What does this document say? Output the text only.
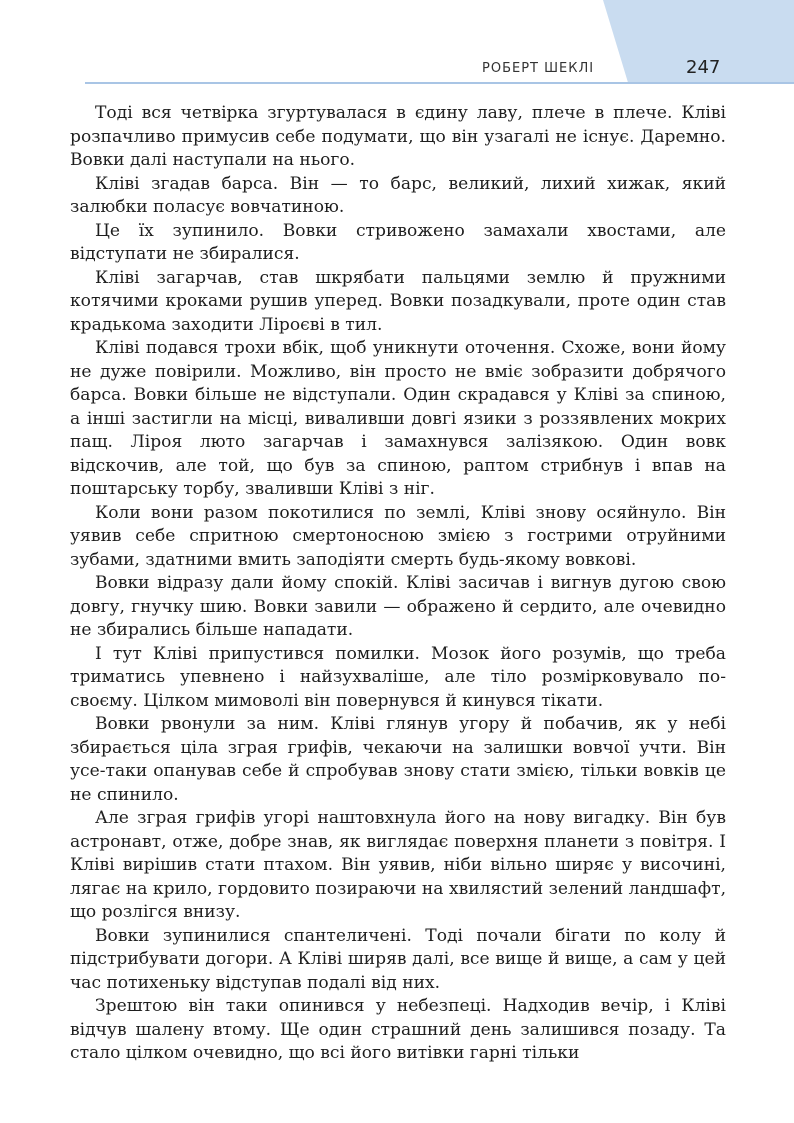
РОБЕРТ ШЕКЛІ	247

Тоді вся четвірка згуртувалася в єдину лаву, плече в плече. Кліві розпачливо примусив себе подумати, що він узагалі не існує. Даремно. Вовки далі наступали на нього.

Кліві згадав барса. Він — то барс, великий, лихий хижак, який залюбки поласує вовчатиною.

Це їх зупинило. Вовки стривожено замахали хвостами, але відступати не збиралися.

Кліві загарчав, став шкрябати пальцями землю й пружними котячими кроками рушив уперед. Вовки позадкували, проте один став крадькома заходити Ліроєві в тил.

Кліві подався трохи вбік, щоб уникнути оточення. Схоже, вони йому не дуже повірили. Можливо, він просто не вміє зобразити добрячого барса. Вовки більше не відступали. Один скрадався у Кліві за спиною, а інші застигли на місці, виваливши довгі язики з роззявлених мокрих пащ. Ліроя люто загарчав і замахнувся залізякою. Один вовк відскочив, але той, що був за спиною, раптом стрибнув і впав на поштарську торбу, зваливши Кліві з ніг.

Коли вони разом покотилися по землі, Кліві знову осяйнуло. Він уявив себе спритною смертоносною змією з гострими отруйними зубами, здатними вмить заподіяти смерть будь-якому вовкові.

Вовки відразу дали йому спокій. Кліві засичав і вигнув дугою свою довгу, гнучку шию. Вовки завили — ображено й сердито, але очевидно не збирались більше нападати.

І тут Кліві припустився помилки. Мозок його розумів, що треба триматись упевнено і найзухваліше, але тіло розмірковувало по-своєму. Цілком мимоволі він повернувся й кинувся тікати.

Вовки рвонули за ним. Кліві глянув угору й побачив, як у небі збирається ціла зграя грифів, чекаючи на залишки вовчої учти. Він усе-таки опанував себе й спробував знову стати змією, тільки вовків це не спинило.

Але зграя грифів угорі наштовхнула його на нову вигадку. Він був астронавт, отже, добре знав, як виглядає поверхня планети з повітря. І Кліві вирішив стати птахом. Він уявив, ніби вільно ширяє у височині, лягає на крило, гордовито позираючи на хвилястий зелений ландшафт, що розлігся внизу.

Вовки зупинилися спантеличені. Тоді почали бігати по колу й підстрибувати догори. А Кліві ширяв далі, все вище й вище, а сам у цей час потихеньку відступав подалі від них.

Зрештою він таки опинився у небезпеці. Надходив вечір, і Кліві відчув шалену втому. Ще один страшний день залишився позаду. Та стало цілком очевидно, що всі його витівки гарні тільки
